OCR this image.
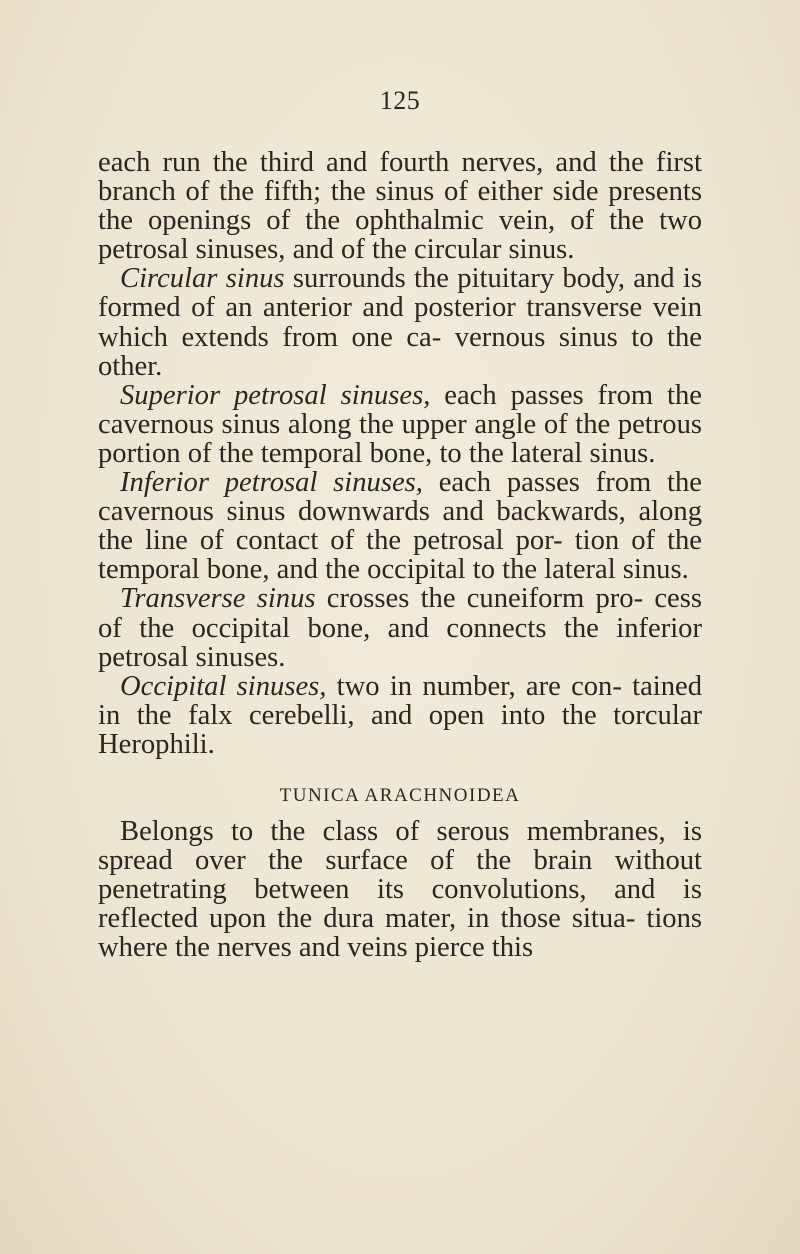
125

each run the third and fourth nerves, and the first branch of the fifth; the sinus of either side presents the openings of the ophthalmic vein, of the two petrosal sinuses, and of the circular sinus.

Circular sinus surrounds the pituitary body, and is formed of an anterior and posterior transverse vein which extends from one ca- vernous sinus to the other.

Superior petrosal sinuses, each passes from the cavernous sinus along the upper angle of the petrous portion of the temporal bone, to the lateral sinus.

Inferior petrosal sinuses, each passes from the cavernous sinus downwards and backwards, along the line of contact of the petrosal por- tion of the temporal bone, and the occipital to the lateral sinus.

Transverse sinus crosses the cuneiform pro- cess of the occipital bone, and connects the inferior petrosal sinuses.

Occipital sinuses, two in number, are con- tained in the falx cerebelli, and open into the torcular Herophili.

TUNICA ARACHNOIDEA

Belongs to the class of serous membranes, is spread over the surface of the brain without penetrating between its convolutions, and is reflected upon the dura mater, in those situa- tions where the nerves and veins pierce this
